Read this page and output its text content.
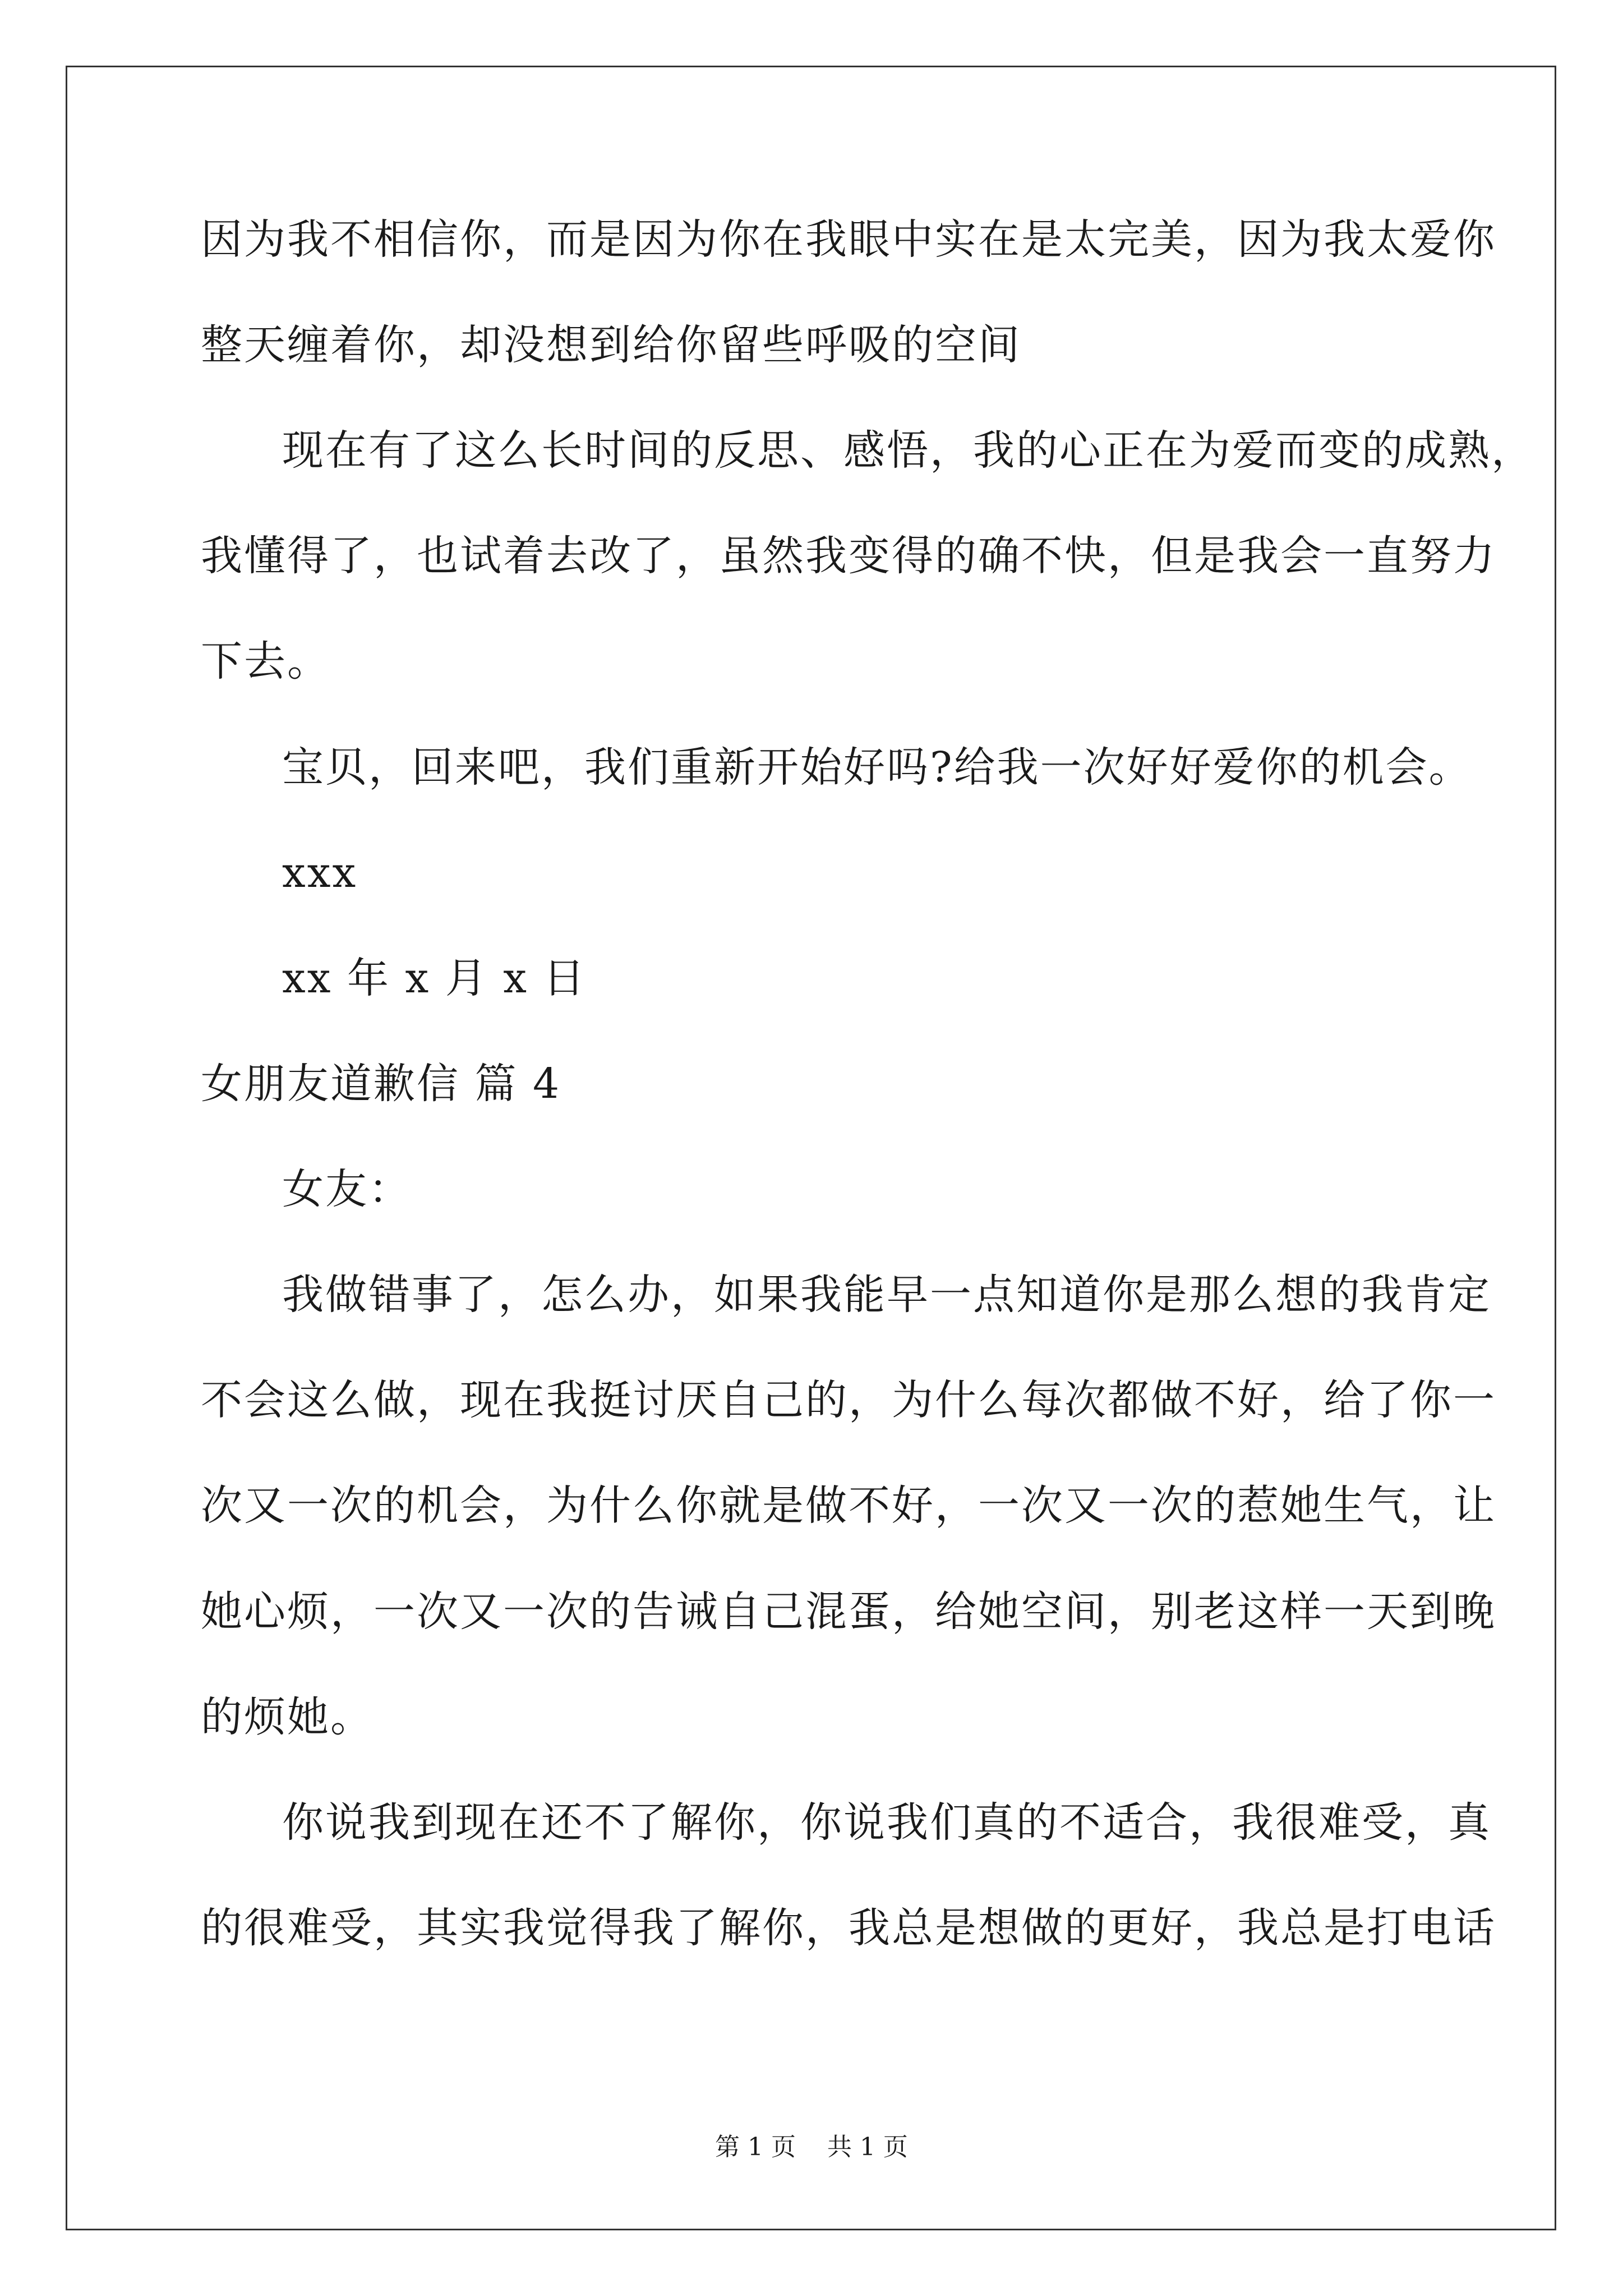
因为我不相信你，而是因为你在我眼中实在是太完美，因为我太爱你
整天缠着你，却没想到给你留些呼吸的空间
现在有了这么长时间的反思、感悟，我的心正在为爱而变的成熟，
我懂得了，也试着去改了，虽然我变得的确不快，但是我会一直努力
下去。
宝贝，回来吧，我们重新开始好吗?给我一次好好爱你的机会。
xxx
xx 年 x 月 x 日
女朋友道歉信 篇 4
女友：
我做错事了，怎么办，如果我能早一点知道你是那么想的我肯定
不会这么做，现在我挺讨厌自己的，为什么每次都做不好，给了你一
次又一次的机会，为什么你就是做不好，一次又一次的惹她生气，让
她心烦，一次又一次的告诫自己混蛋，给她空间，别老这样一天到晚
的烦她。
你说我到现在还不了解你，你说我们真的不适合，我很难受，真
的很难受，其实我觉得我了解你，我总是想做的更好，我总是打电话
第 1 页    共 1 页
